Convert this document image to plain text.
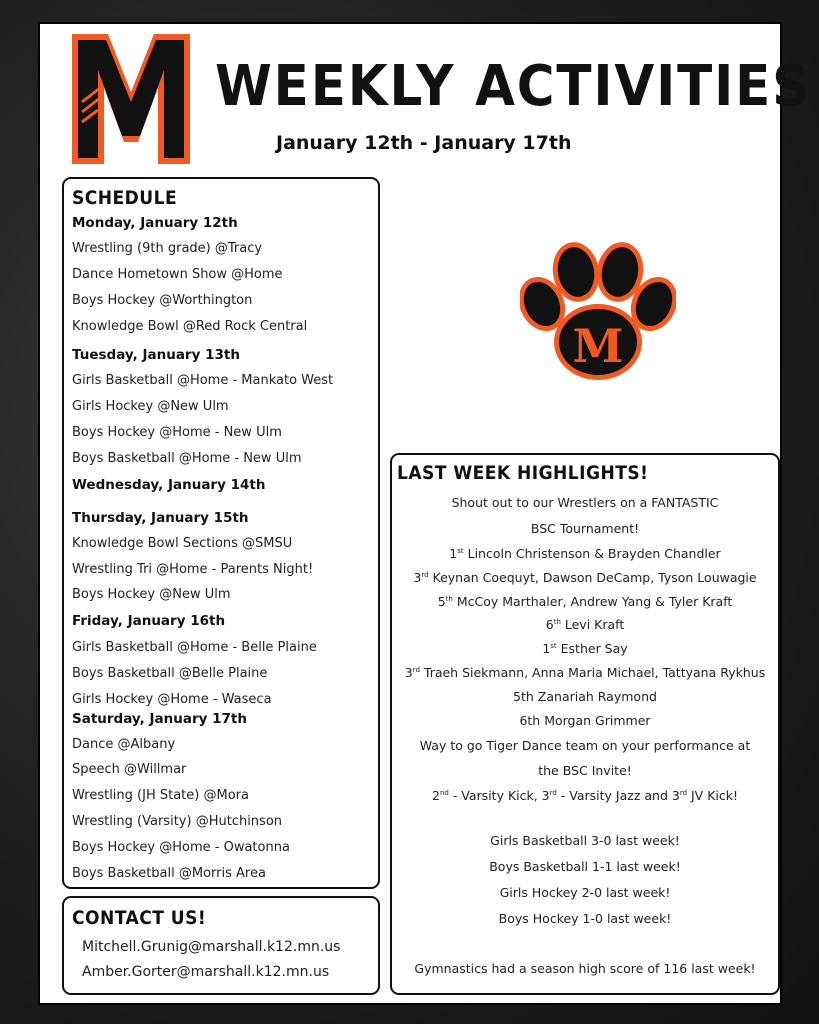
WEEKLY ACTIVITIES
January 12th - January 17th
SCHEDULE
Monday, January 12th
Wrestling (9th grade) @Tracy
Dance Hometown Show @Home
Boys Hockey @Worthington
Knowledge Bowl @Red Rock Central
Tuesday, January 13th
Girls Basketball @Home - Mankato West
Girls Hockey @New Ulm
Boys Hockey @Home - New Ulm
Boys Basketball @Home - New Ulm
Wednesday, January 14th
Thursday, January 15th
Knowledge Bowl Sections @SMSU
Wrestling Tri @Home - Parents Night!
Boys Hockey @New Ulm
Friday, January 16th
Girls Basketball @Home - Belle Plaine
Boys Basketball @Belle Plaine
Girls Hockey @Home - Waseca
Saturday, January 17th
Dance @Albany
Speech @Willmar
Wrestling (JH State) @Mora
Wrestling (Varsity) @Hutchinson
Boys Hockey @Home - Owatonna
Boys Basketball @Morris Area
M
LAST WEEK HIGHLIGHTS!
Shout out to our Wrestlers on a FANTASTIC
BSC Tournament!
1st Lincoln Christenson & Brayden Chandler
3rd Keynan Coequyt, Dawson DeCamp, Tyson Louwagie
5th McCoy Marthaler, Andrew Yang & Tyler Kraft
6th Levi Kraft
1st Esther Say
3rd Traeh Siekmann, Anna Maria Michael, Tattyana Rykhus
5th Zanariah Raymond
6th Morgan Grimmer
Way to go Tiger Dance team on your performance at
the BSC Invite!
2nd - Varsity Kick, 3rd - Varsity Jazz and 3rd JV Kick!
Girls Basketball 3-0 last week!
Boys Basketball 1-1 last week!
Girls Hockey 2-0 last week!
Boys Hockey 1-0 last week!
Gymnastics had a season high score of 116 last week!
CONTACT US!
Mitchell.Grunig@marshall.k12.mn.us
Amber.Gorter@marshall.k12.mn.us
